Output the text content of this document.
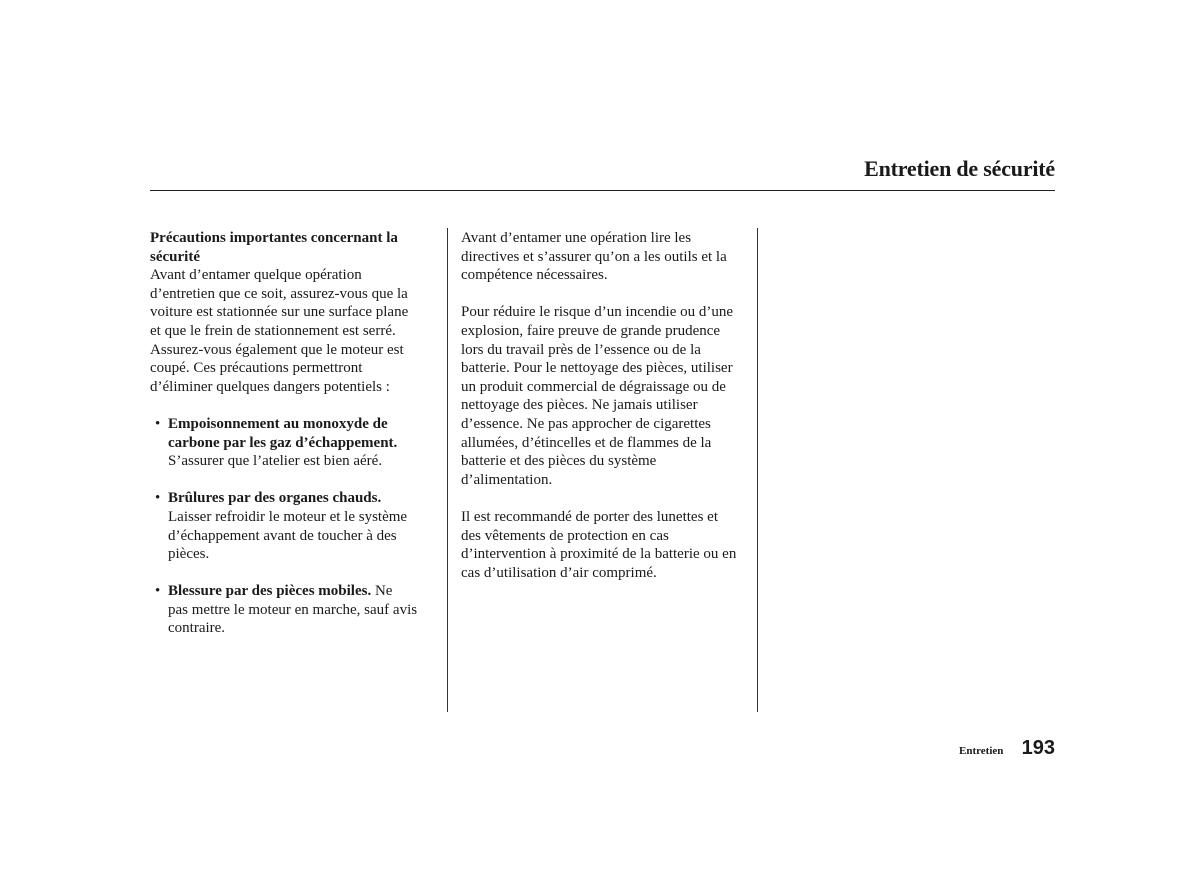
Entretien de sécurité

Précautions importantes concernant la
sécurité

Avant d’entamer quelque opération
d’entretien que ce soit, assurez-vous que la
voiture est stationnée sur une surface plane
et que le frein de stationnement est serré.
Assurez-vous également que le moteur est
coupé. Ces précautions permettront
d’éliminer quelques dangers potentiels :

• Empoisonnement au monoxyde de
carbone par les gaz d’échappement.
S’assurer que l’atelier est bien aéré.
• Brûlures par des organes chauds.
Laisser refroidir le moteur et le système
d’échappement avant de toucher à des
pièces.
• Blessure par des pièces mobiles. Ne
pas mettre le moteur en marche, sauf avis
contraire.

Avant d’entamer une opération lire les
directives et s’assurer qu’on a les outils et la
compétence nécessaires.

Pour réduire le risque d’un incendie ou d’une
explosion, faire preuve de grande prudence
lors du travail près de l’essence ou de la
batterie. Pour le nettoyage des pièces, utiliser
un produit commercial de dégraissage ou de
nettoyage des pièces. Ne jamais utiliser
d’essence. Ne pas approcher de cigarettes
allumées, d’étincelles et de flammes de la
batterie et des pièces du système
d’alimentation.

Il est recommandé de porter des lunettes et
des vêtements de protection en cas
d’intervention à proximité de la batterie ou en
cas d’utilisation d’air comprimé.

Entretien 193
